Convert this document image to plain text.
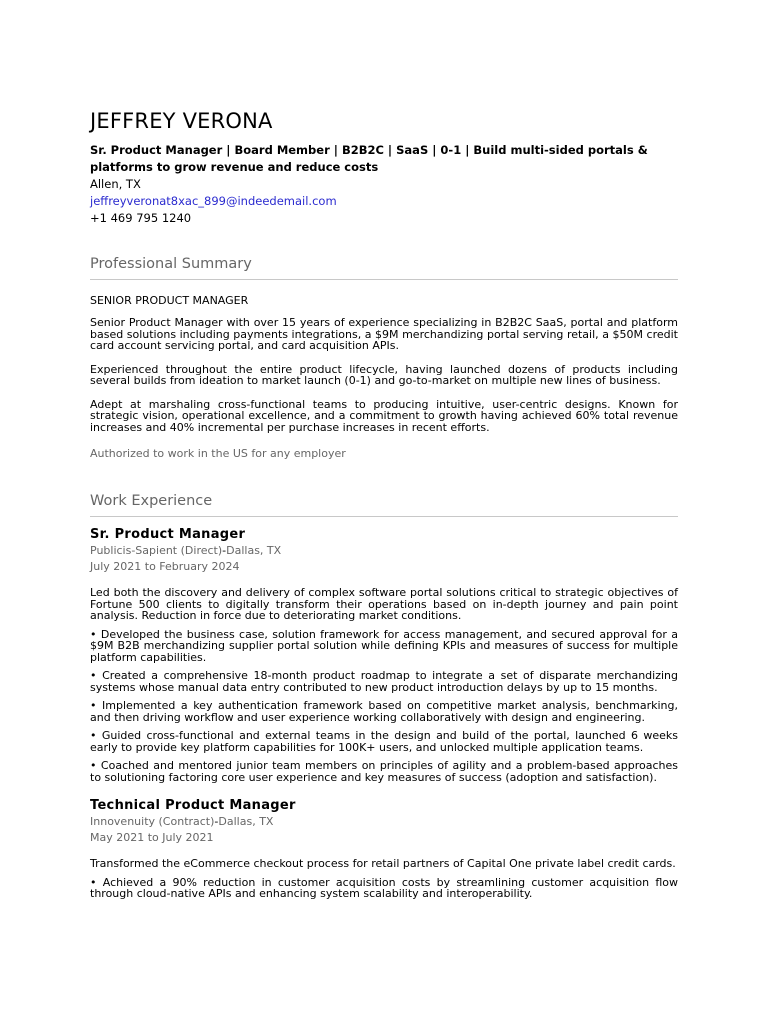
JEFFREY VERONA

Sr. Product Manager | Board Member | B2B2C | SaaS | 0-1 | Build multi-sided portals & platforms to grow revenue and reduce costs

Allen, TX

jeffreyveronat8xac_899@indeedemail.com

+1 469 795 1240

Professional Summary

SENIOR PRODUCT MANAGER

Senior Product Manager with over 15 years of experience specializing in B2B2C SaaS, portal and platform based solutions including payments integrations, a $9M merchandizing portal serving retail, a $50M credit card account servicing portal, and card acquisition APIs.

Experienced throughout the entire product lifecycle, having launched dozens of products including several builds from ideation to market launch (0-1) and go-to-market on multiple new lines of business.

Adept at marshaling cross-functional teams to producing intuitive, user-centric designs. Known for strategic vision, operational excellence, and a commitment to growth having achieved 60% total revenue increases and 40% incremental per purchase increases in recent efforts.

Authorized to work in the US for any employer

Work Experience

Sr. Product Manager

Publicis-Sapient (Direct)-Dallas, TX

July 2021 to February 2024

Led both the discovery and delivery of complex software portal solutions critical to strategic objectives of Fortune 500 clients to digitally transform their operations based on in-depth journey and pain point analysis. Reduction in force due to deteriorating market conditions.

• Developed the business case, solution framework for access management, and secured approval for a $9M B2B merchandizing supplier portal solution while defining KPIs and measures of success for multiple platform capabilities.

• Created a comprehensive 18-month product roadmap to integrate a set of disparate merchandizing systems whose manual data entry contributed to new product introduction delays by up to 15 months.

• Implemented a key authentication framework based on competitive market analysis, benchmarking, and then driving workflow and user experience working collaboratively with design and engineering.

• Guided cross-functional and external teams in the design and build of the portal, launched 6 weeks early to provide key platform capabilities for 100K+ users, and unlocked multiple application teams.

• Coached and mentored junior team members on principles of agility and a problem-based approaches to solutioning factoring core user experience and key measures of success (adoption and satisfaction).

Technical Product Manager

Innovenuity (Contract)-Dallas, TX

May 2021 to July 2021

Transformed the eCommerce checkout process for retail partners of Capital One private label credit cards.

• Achieved a 90% reduction in customer acquisition costs by streamlining customer acquisition flow through cloud-native APIs and enhancing system scalability and interoperability.
